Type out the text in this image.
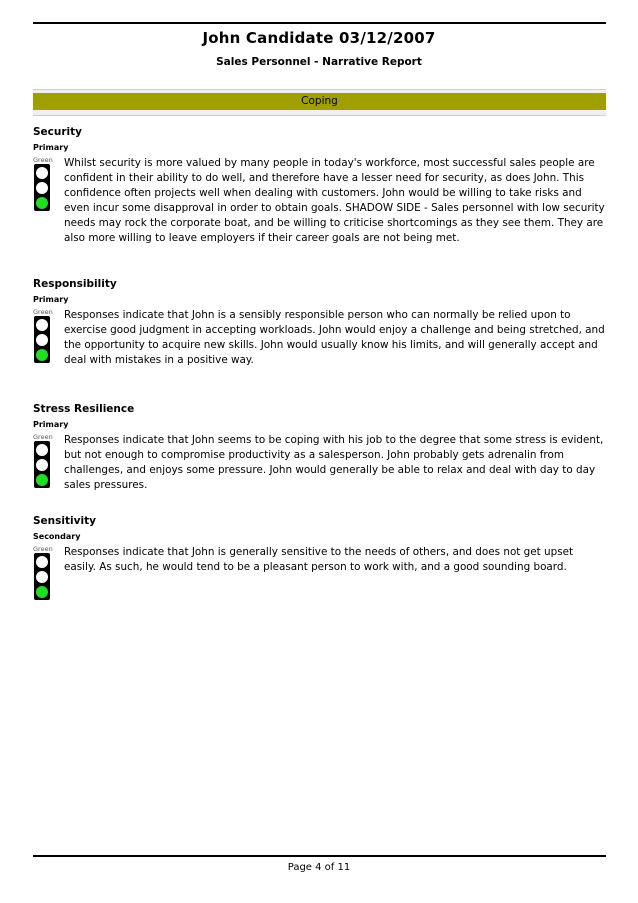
John Candidate 03/12/2007
Sales Personnel - Narrative Report
Coping
Security
Primary
Green Whilst security is more valued by many people in today's workforce, most successful sales people are confident in their ability to do well, and therefore have a lesser need for security, as does John. This confidence often projects well when dealing with customers. John would be willing to take risks and even incur some disapproval in order to obtain goals. SHADOW SIDE - Sales personnel with low security needs may rock the corporate boat, and be willing to criticise shortcomings as they see them. They are also more willing to leave employers if their career goals are not being met.
Responsibility
Primary
Green Responses indicate that John is a sensibly responsible person who can normally be relied upon to exercise good judgment in accepting workloads. John would enjoy a challenge and being stretched, and the opportunity to acquire new skills. John would usually know his limits, and will generally accept and deal with mistakes in a positive way.
Stress Resilience
Primary
Green Responses indicate that John seems to be coping with his job to the degree that some stress is evident, but not enough to compromise productivity as a salesperson. John probably gets adrenalin from challenges, and enjoys some pressure. John would generally be able to relax and deal with day to day sales pressures.
Sensitivity
Secondary
Green Responses indicate that John is generally sensitive to the needs of others, and does not get upset easily. As such, he would tend to be a pleasant person to work with, and a good sounding board.
Page 4 of 11
